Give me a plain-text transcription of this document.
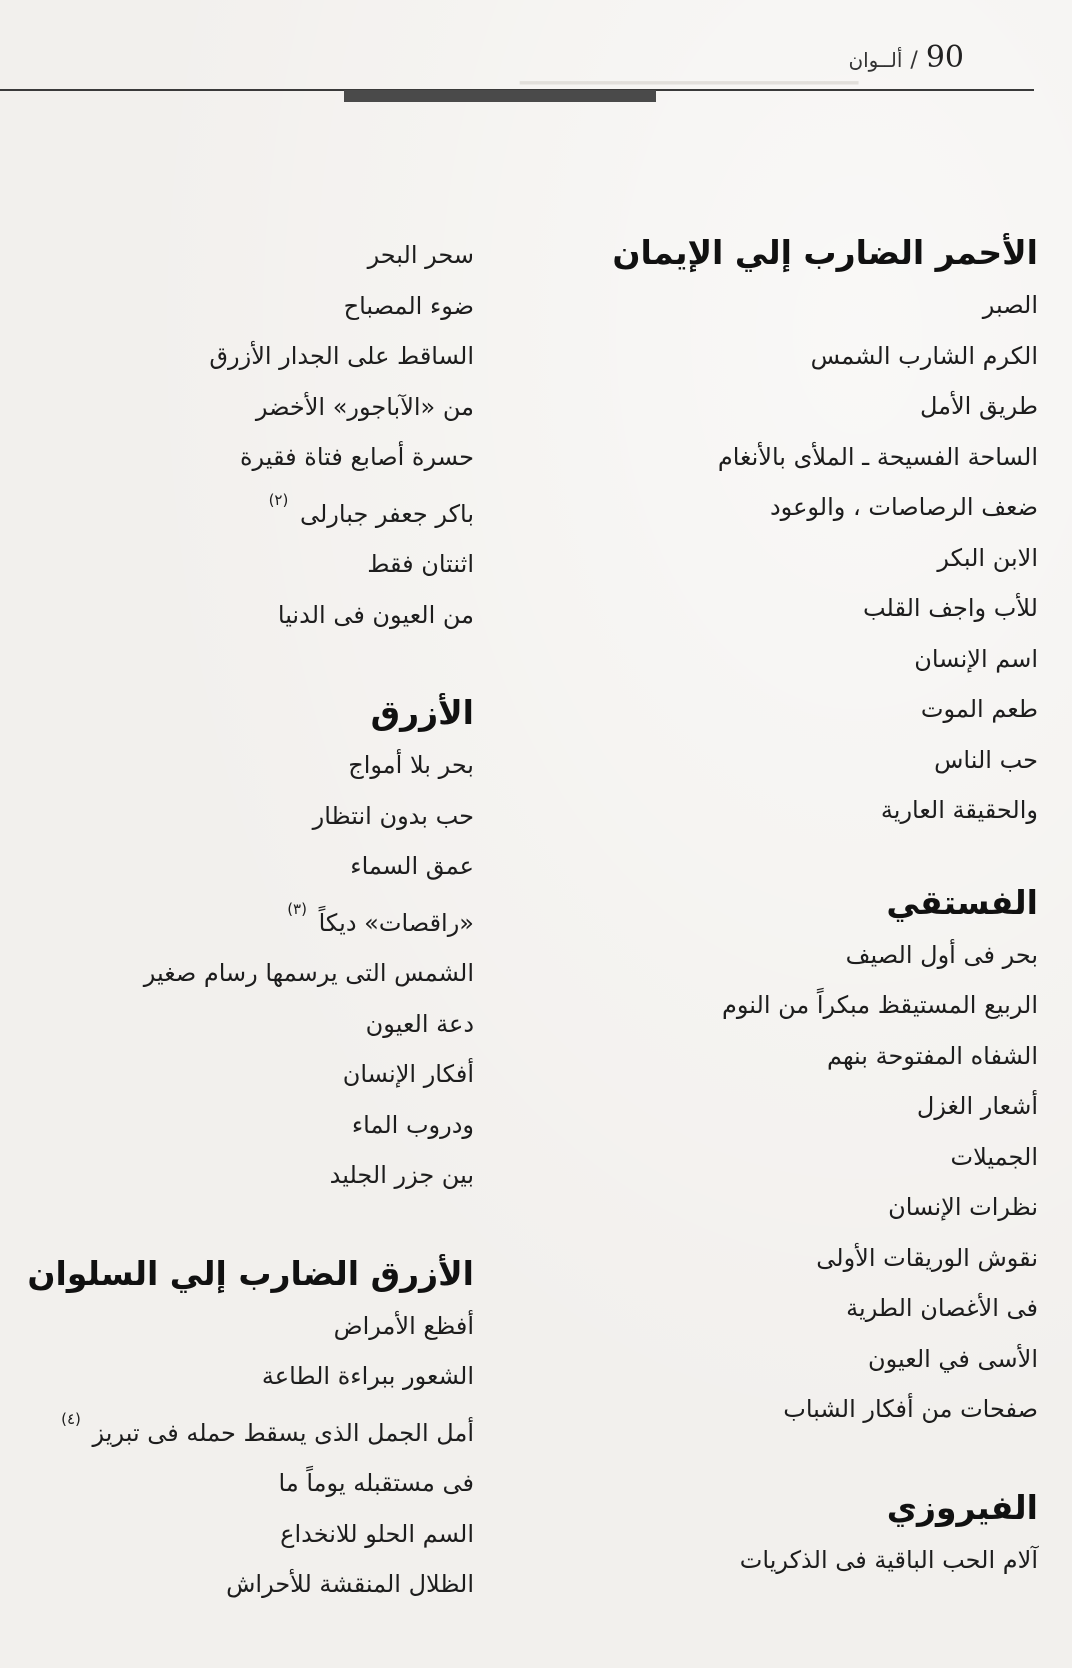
▁▁▁▁▁▁▁▁▁▁▁▁▁▁▁▁▁▁▁▁ 90
/
ألــوان
الأحمر الضارب إلي الإيمان
الصبر
الكرم الشارب الشمس
طريق الأمل
الساحة الفسيحة ـ الملأى بالأنغام
ضعف الرصاصات ، والوعود
الابن البكر
للأب واجف القلب
اسم الإنسان
طعم الموت
حب الناس
والحقيقة العارية
الفستقي
بحر فى أول الصيف
الربيع المستيقظ مبكراً من النوم
الشفاه المفتوحة بنهم
أشعار الغزل
الجميلات
نظرات الإنسان
نقوش الوريقات الأولى
فى الأغصان الطرية
الأسى في العيون
صفحات من أفكار الشباب
الفيروزي
آلام الحب الباقية فى الذكريات
سحر البحر
ضوء المصباح
الساقط على الجدار الأزرق
من «الآباجور» الأخضر
حسرة أصابع فتاة فقيرة
باكر جعفر جبارلى $^{(٢)}$
اثنتان فقط
من العيون فى الدنيا
الأزرق
بحر بلا أمواج
حب بدون انتظار
عمق السماء
«راقصات» ديكاً $^{(٣)}$
الشمس التى يرسمها رسام صغير
دعة العيون
أفكار الإنسان
ودروب الماء
بين جزر الجليد
الأزرق الضارب إلي السلوان
أفظع الأمراض
الشعور ببراءة الطاعة
أمل الجمل الذى يسقط حمله فى تبريز $^{(٤)}$
فى مستقبله يوماً ما
السم الحلو للانخداع
الظلال المنقشة للأحراش
